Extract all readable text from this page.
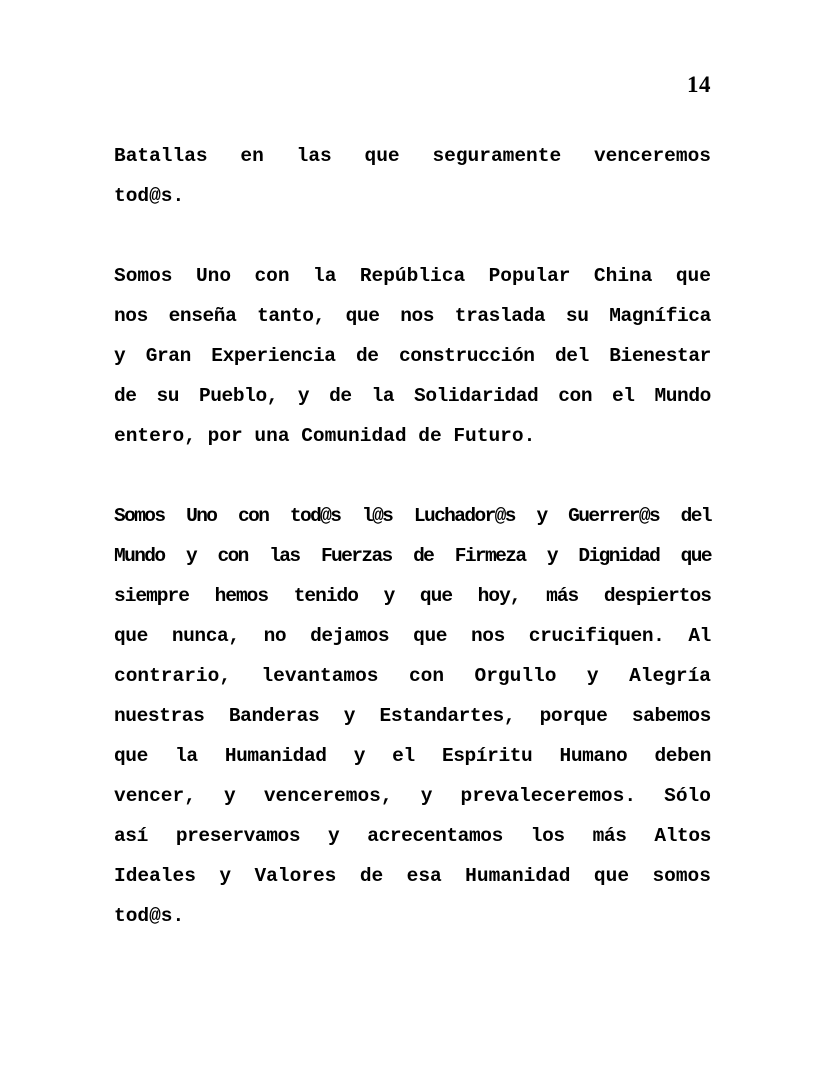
14

Batallas en las que seguramente venceremos
tod@s.

Somos Uno con la República Popular China que
nos enseña tanto, que nos traslada su Magnífica
y Gran Experiencia de construcción del Bienestar
de su Pueblo, y de la Solidaridad con el Mundo
entero, por una Comunidad de Futuro.

Somos Uno con tod@s l@s Luchador@s y Guerrer@s del
Mundo y con las Fuerzas de Firmeza y Dignidad que
siempre hemos tenido y que hoy, más despiertos
que nunca, no dejamos que nos crucifiquen. Al
contrario, levantamos con Orgullo y Alegría
nuestras Banderas y Estandartes, porque sabemos
que la Humanidad y el Espíritu Humano deben
vencer, y venceremos, y prevaleceremos. Sólo
así preservamos y acrecentamos los más Altos
Ideales y Valores de esa Humanidad que somos
tod@s.
